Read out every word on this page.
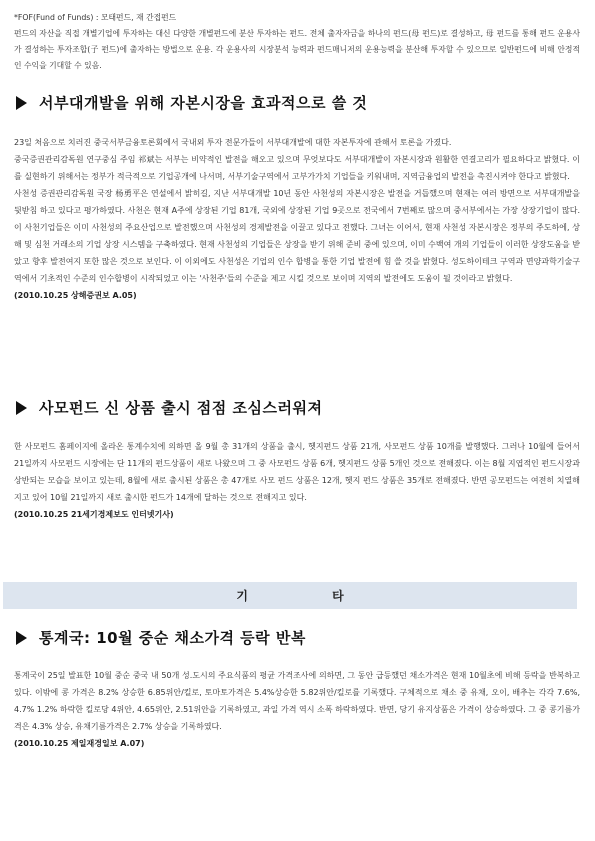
*FOF(Fund of Funds) : 모태펀드, 재 간접펀드

펀드의 자산을 직접 개별기업에 투자하는 대신 다양한 개별펀드에 분산 투자하는 펀드. 전체 출자자금을 하나의 펀드(母 펀드)로 결성하고, 母 펀드를 통해 펀드 운용사가 결성하는 투자조합(子 펀드)에 출자하는 방법으로 운용. 각 운용사의 시장분석 능력과 펀드매니저의 운용능력을 분산해 투자할 수 있으므로 일반펀드에 비해 안정적인 수익을 기대할 수 있음.

서부대개발을 위해 자본시장을 효과적으로 쓸 것

23일 처음으로 치러진 중국서부금융토론회에서 국내외 투자 전문가들이 서부대개발에 대한 자본투자에 관해서 토론을 가졌다.

중국증권관리감독원 연구중심 주임 祁斌는 서부는 비약적인 발전을 해오고 있으며 무엇보다도 서부대개발이 자본시장과 원활한 연결고리가 필요하다고 밝혔다. 이를 실현하기 위해서는 정부가 적극적으로 기업공개에 나서며, 서부기술구역에서 고부가가치 기업들을 키워내며, 지역금융업의 발전을 촉진시켜야 한다고 밝혔다.

사천성 증권관리감독원 국장 杨勇平은 연설에서 밝히길, 지난 서부대개발 10년 동안 사천성의 자본시장은 발전을 거듭했으며 현재는 여러 방면으로 서부대개발을 뒷받침 하고 있다고 평가하였다. 사천은 현재 A주에 상장된 기업 81개, 국외에 상장된 기업 9곳으로 전국에서 7번째로 많으며 중서부에서는 가장 상장기업이 많다. 이 사천기업들은 이미 사천성의 주요산업으로 발전했으며 사천성의 경제발전을 이끌고 있다고 전했다. 그녀는 이어서, 현재 사천성 자본시장은 정부의 주도하에, 상해 및 심천 거래소의 기업 상장 시스템을 구축하였다. 현재 사천성의 기업들은 상장을 받기 위해 준비 중에 있으며, 이미 수백여 개의 기업들이 이러한 상장도움을 받았고 향후 발전여지 또한 많은 것으로 보인다. 이 이외에도 사천성은 기업의 인수 합병을 통한 기업 발전에 힘 쓸 것을 밝혔다. 성도하이테크 구역과 면양과학기술구역에서 기초적인 수준의 인수합병이 시작되었고 이는 '사천주'들의 수준을 제고 시킬 것으로 보이며 지역의 발전에도 도움이 될 것이라고 밝혔다.

(2010.10.25 상해증권보 A.05)

사모펀드 신 상품 출시 점점 조심스러워져

한 사모펀드 홈페이지에 올라온 통계수치에 의하면 올 9월 총 31개의 상품을 출시, 헷지펀드 상품 21개, 사모펀드 상품 10개를 발행했다. 그러나 10월에 들어서 21일까지 사모펀드 시장에는 단 11개의 펀드상품이 새로 나왔으며 그 중 사모펀드 상품 6개, 헷지펀드 상품 5개인 것으로 전해졌다. 이는 8월 지엽적인 펀드시장과 상반되는 모습을 보이고 있는데, 8월에 새로 출시된 상품은 총 47개로 사모 펀드 상품은 12개, 헷지 펀드 상품은 35개로 전해졌다. 반면 공모펀드는 여전히 치열해지고 있어 10월 21일까지 새로 출시한 펀드가 14개에 달하는 것으로 전해지고 있다.

(2010.10.25 21세기경제보도 인터넷기사)

기 타
통계국: 10월 중순 채소가격 등락 반복

통계국이 25일 발표한 10월 중순 중국 내 50개 성.도시의 주요식품의 평균 가격조사에 의하면, 그 동안 급등했던 채소가격은 현재 10월초에 비해 등락을 반복하고 있다. 이밖에 콩 가격은 8.2% 상승한 6.85위안/킬로, 토마토가격은 5.4%상승한 5.82위안/킬로를 기록했다. 구체적으로 채소 중 유채, 오이, 배추는 각각 7.6%, 4.7% 1.2% 하락한 킬로당 4위안, 4.65위안, 2.51위안을 기록하였고, 과일 가격 역시 소폭 하락하였다. 반면, 당기 유지상품은 가격이 상승하였다. 그 중 콩기름가격은 4.3% 상승, 유채기름가격은 2.7% 상승을 기록하였다.

(2010.10.25 제일재경일보 A.07)
